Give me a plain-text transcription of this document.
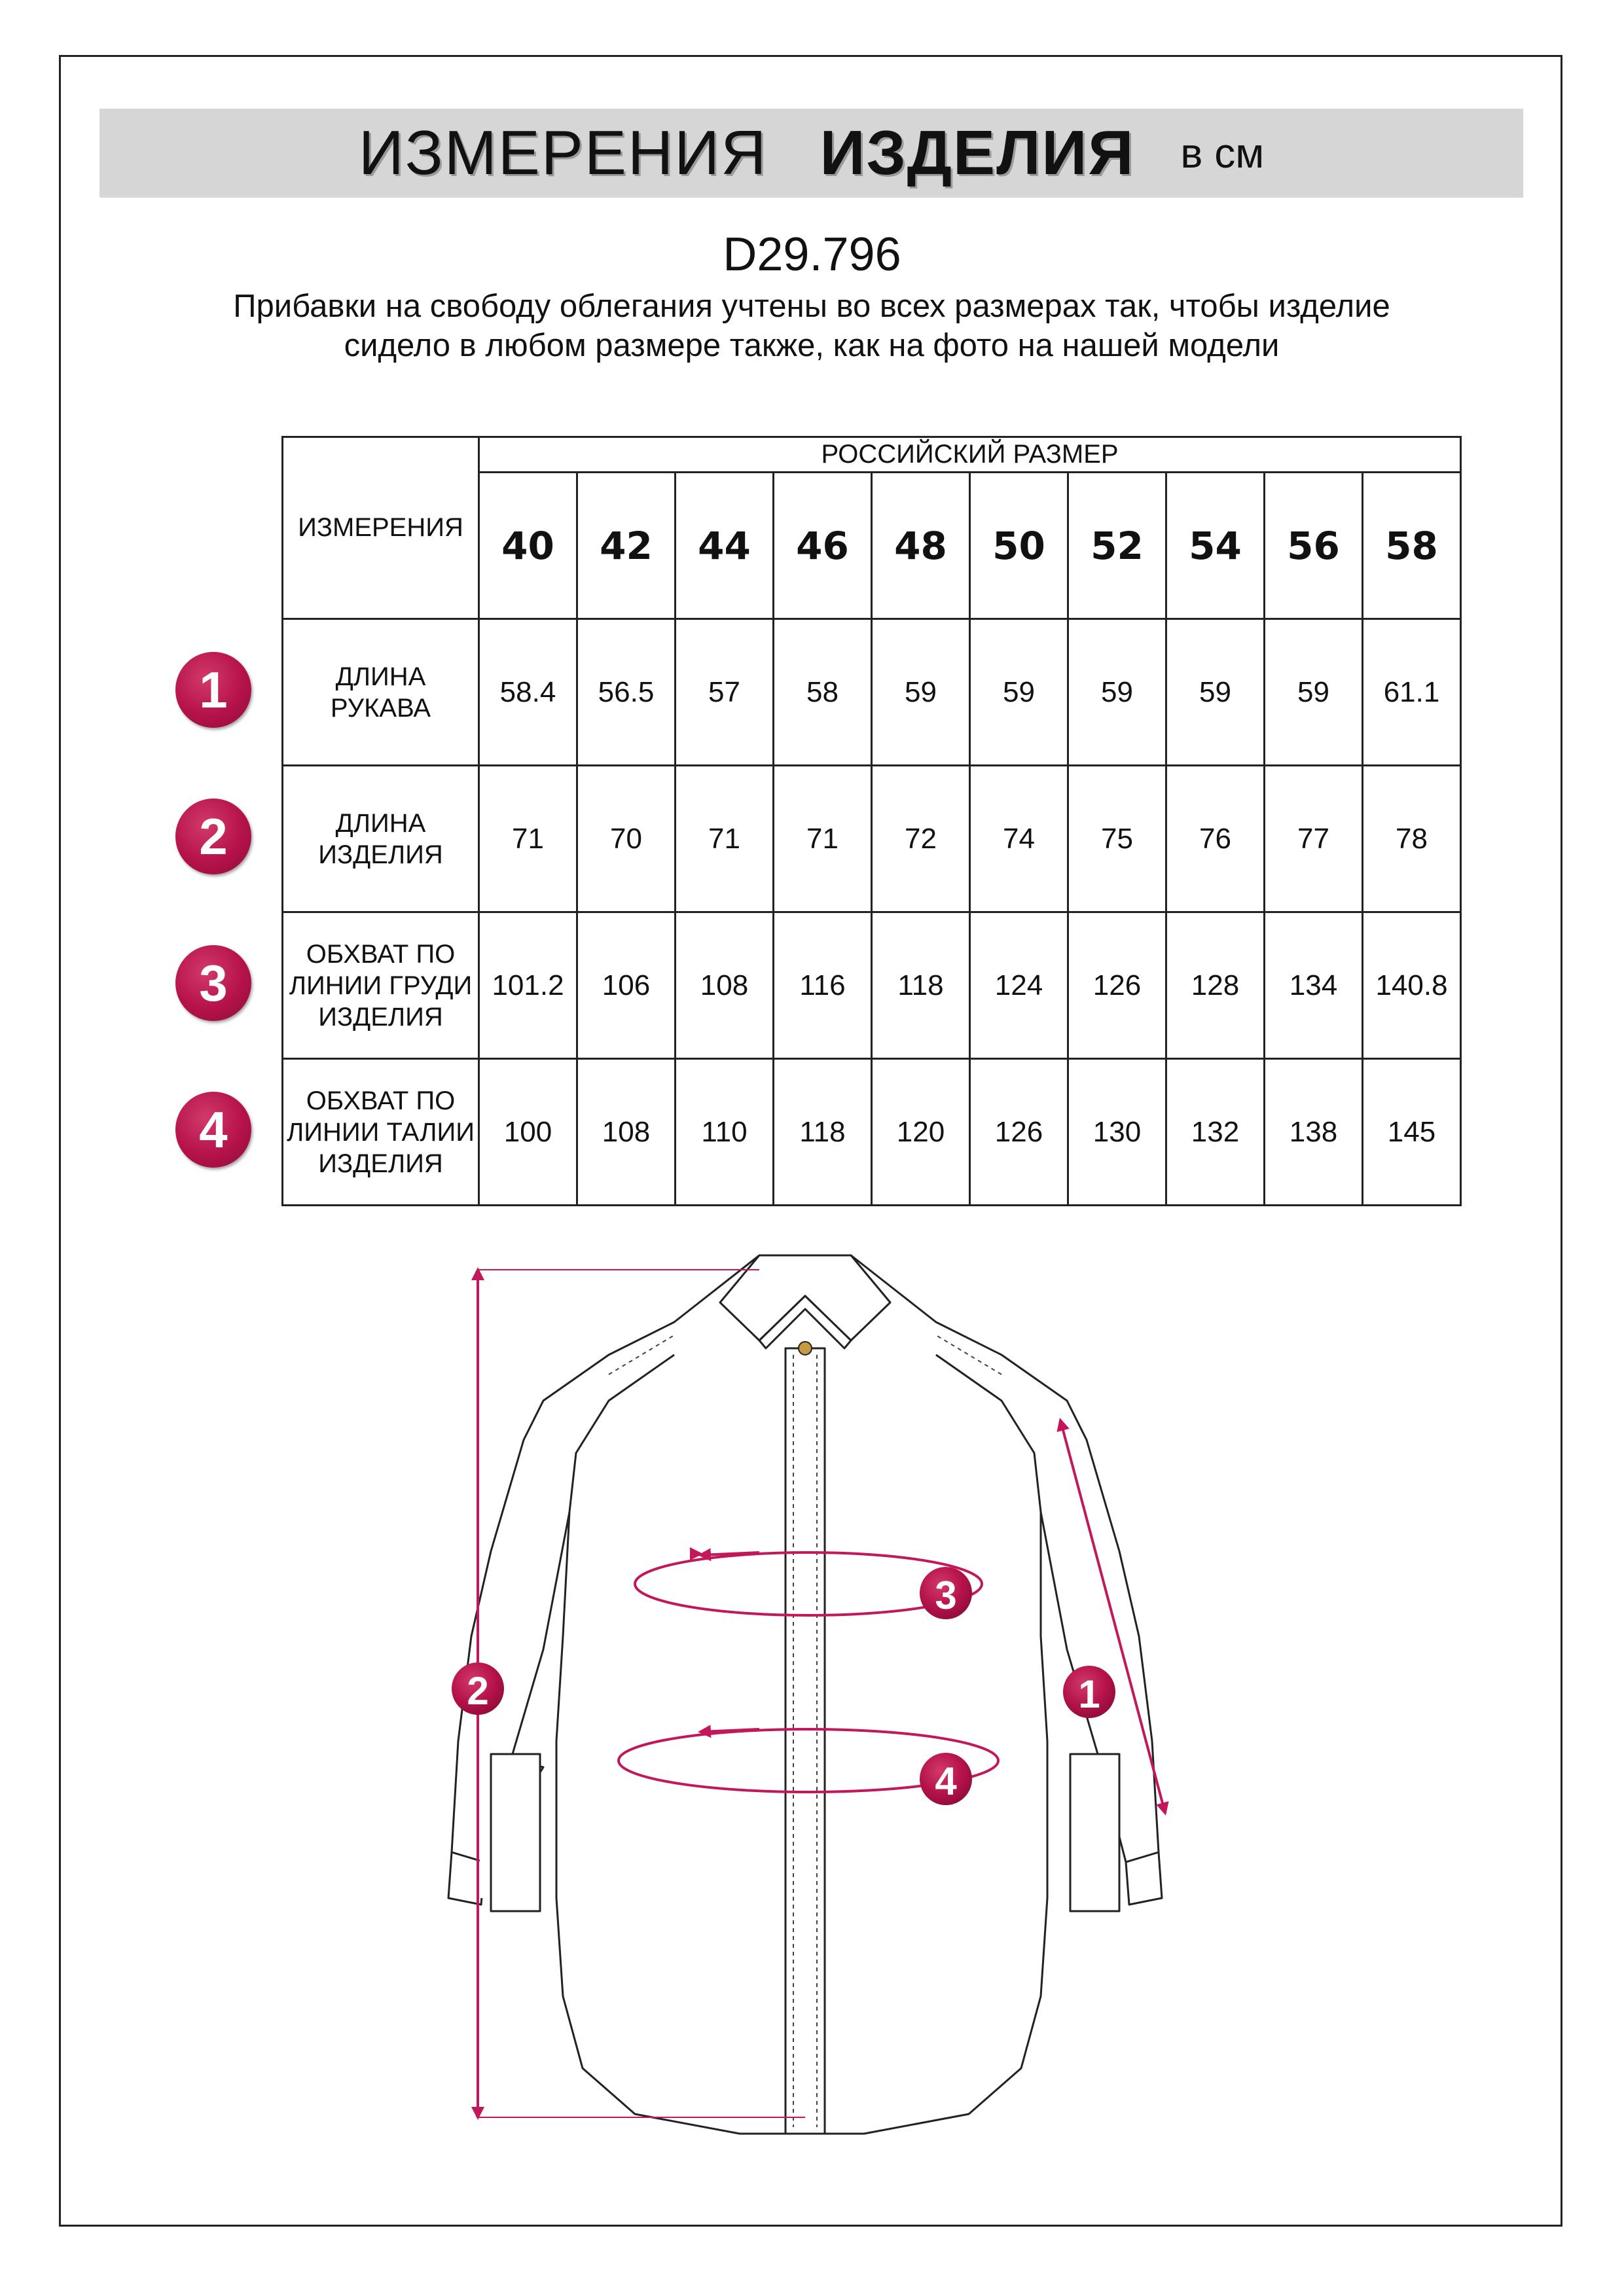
ИЗМЕРЕНИЯ ИЗДЕЛИЯ в см
D29.796
Прибавки на свободу облегания учтены во всех размерах так, чтобы изделие сидело в любом размере также, как на фото на нашей модели
ИЗМЕРЕНИЯ	РОССИЙСКИЙ РАЗМЕР									
	40	42	44	46	48	50	52	54	56	58
ДЛИНА РУКАВА	58.4	56.5	57	58	59	59	59	59	59	61.1
ДЛИНА ИЗДЕЛИЯ	71	70	71	71	72	74	75	76	77	78
ОБХВАТ ПО ЛИНИИ ГРУДИ ИЗДЕЛИЯ	101.2	106	108	116	118	124	126	128	134	140.8
ОБХВАТ ПО ЛИНИИ ТАЛИИ ИЗДЕЛИЯ	100	108	110	118	120	126	130	132	138	145
1
2
3
4
2	1
3
4
